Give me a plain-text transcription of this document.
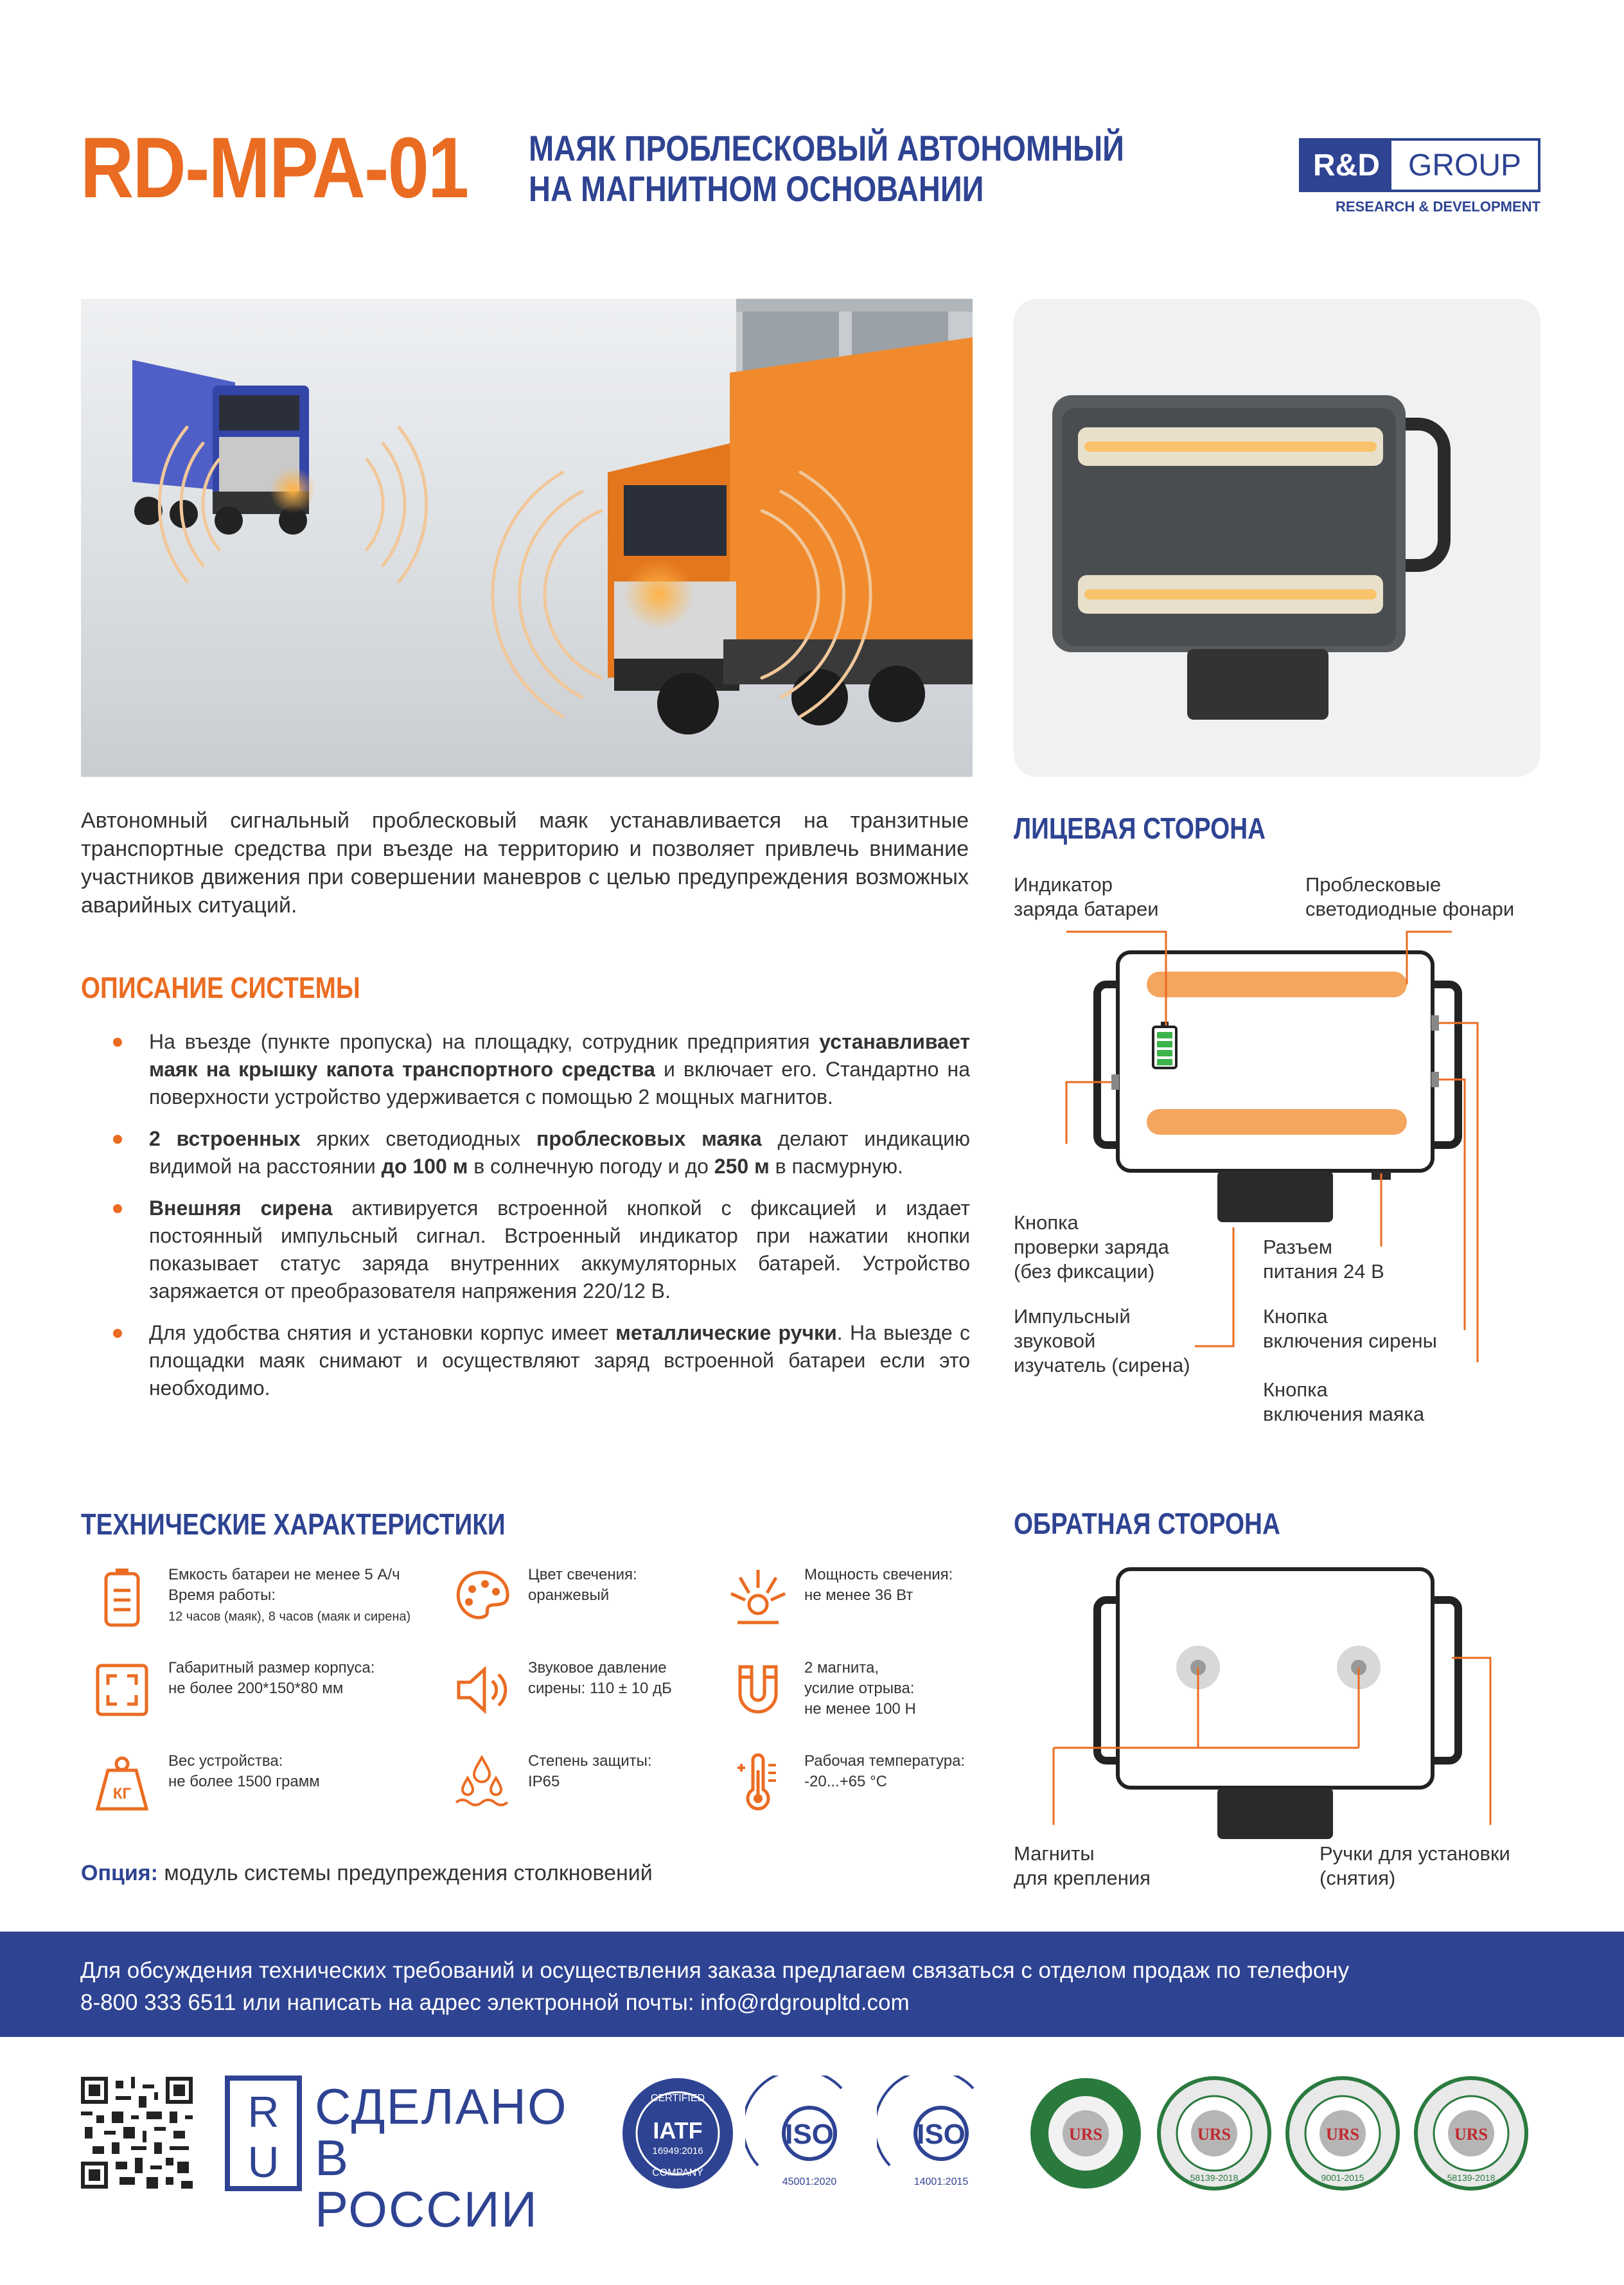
RD-MPA-01 МАЯК ПРОБЛЕСКОВЫЙ АВТОНОМНЫЙ
НА МАГНИТНОМ ОСНОВАНИИ
R&D GROUP
RESEARCH & DEVELOPMENT
Автономный сигнальный проблесковый маяк устанавливается на транзитные транспортные средства при въезде на территорию и позволяет привлечь внимание участников движения при совершении маневров с целью предупреждения возможных аварийных ситуаций.
ОПИСАНИЕ СИСТЕМЫ
На въезде (пункте пропуска) на площадку, сотрудник предприятия устанавливает маяк на крышку капота транспортного средства и включает его. Стандартно на поверхности устройство удерживается с помощью 2 мощных магнитов.
2 встроенных ярких светодиодных проблесковых маяка делают индикацию видимой на расстоянии до 100 м в солнечную погоду и до 250 м в пасмурную.
Внешняя сирена активируется встроенной кнопкой с фиксацией и издает постоянный импульсный сигнал. Встроенный индикатор при нажатии кнопки показывает статус заряда внутренних аккумуляторных батарей. Устройство заряжается от преобразователя напряжения 220/12 В.
Для удобства снятия и установки корпус имеет металлические ручки. На выезде с площадки маяк снимают и осуществляют заряд встроенной батареи если это необходимо.
ТЕХНИЧЕСКИЕ ХАРАКТЕРИСТИКИ
Емкость батареи не менее 5 А/ч
Время работы:
12 часов (маяк), 8 часов (маяк и сирена)
Цвет свечения:
оранжевый
Мощность свечения:
не менее 36 Вт
Габаритный размер корпуса:
не более 200*150*80 мм
Звуковое давление
сирены: 110 ± 10 дБ
2 магнита,
усилие отрыва:
не менее 100 Н
КГ
Вес устройства:
не более 1500 грамм
Степень защиты:
IP65
Рабочая температура:
-20...+65 °C
Опция: модуль системы предупреждения столкновений
ЛИЦЕВАЯ СТОРОНА
Индикатор
заряда батареи
Проблесковые
светодиодные фонари
Кнопка
проверки заряда
(без фиксации)
Разъем
питания 24 В
Импульсный
звуковой
изучатель (сирена)
Кнопка
включения сирены
Кнопка
включения маяка
ОБРАТНАЯ СТОРОНА
Магниты
для крепления
Ручки для установки
(снятия)
Для обсуждения технических требований и осуществления заказа предлагаем связаться с отделом продаж по телефону
8-800 333 6511 или написать на адрес электронной почты: info@rdgroupltd.com
R
U
СДЕЛАНО
В РОССИИ
CERTIFIED
IATF
16949:2016
COMPANY
ISO
45001:2020
ISO
14001:2015
URS	URS
58139-2018
URS
9001-2015
URS
58139-2018
